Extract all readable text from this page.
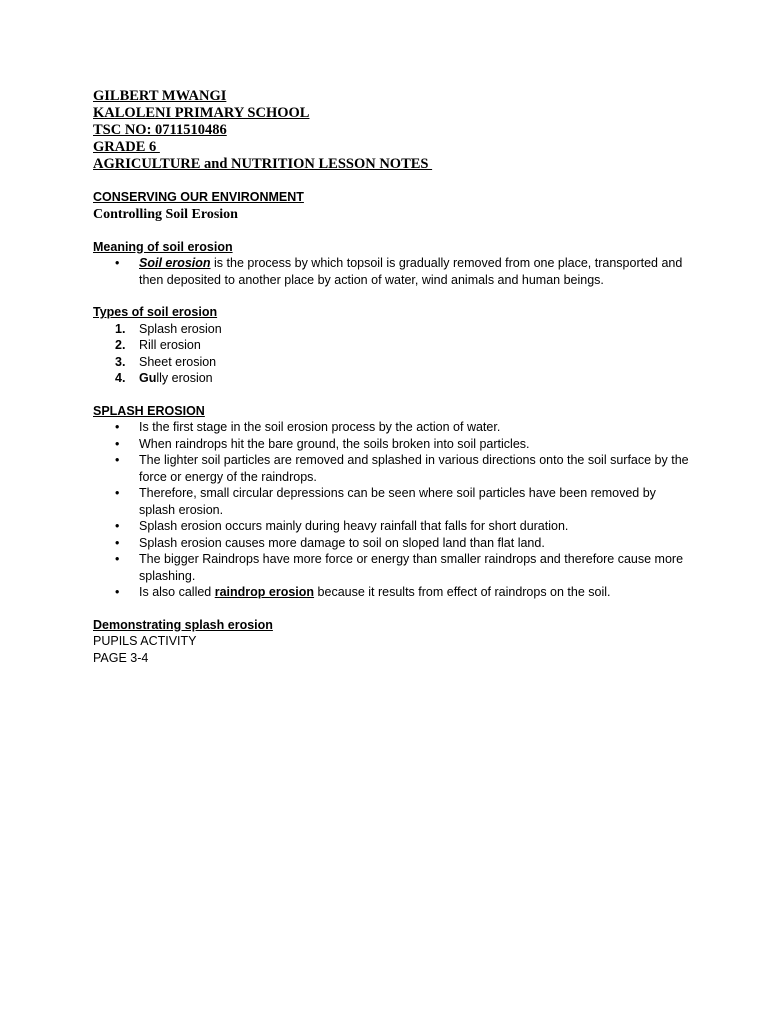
GILBERT MWANGI
KALOLENI PRIMARY SCHOOL
TSC NO: 0711510486
GRADE 6
AGRICULTURE and NUTRITION LESSON NOTES
CONSERVING OUR ENVIRONMENT
Controlling Soil Erosion
Meaning of soil erosion
• Soil erosion is the process by which topsoil is gradually removed from one place, transported and then deposited to another place by action of water, wind animals and human beings.
Types of soil erosion
1. Splash erosion
2. Rill erosion
3. Sheet erosion
4. Gully erosion
SPLASH EROSION
• Is the first stage in the soil erosion process by the action of water.
• When raindrops hit the bare ground, the soils broken into soil particles.
• The lighter soil particles are removed and splashed in various directions onto the soil surface by the force or energy of the raindrops.
• Therefore, small circular depressions can be seen where soil particles have been removed by splash erosion.
• Splash erosion occurs mainly during heavy rainfall that falls for short duration.
• Splash erosion causes more damage to soil on sloped land than flat land.
• The bigger Raindrops have more force or energy than smaller raindrops and therefore cause more splashing.
• Is also called raindrop erosion because it results from effect of raindrops on the soil.
Demonstrating splash erosion
PUPILS ACTIVITY
PAGE 3-4
